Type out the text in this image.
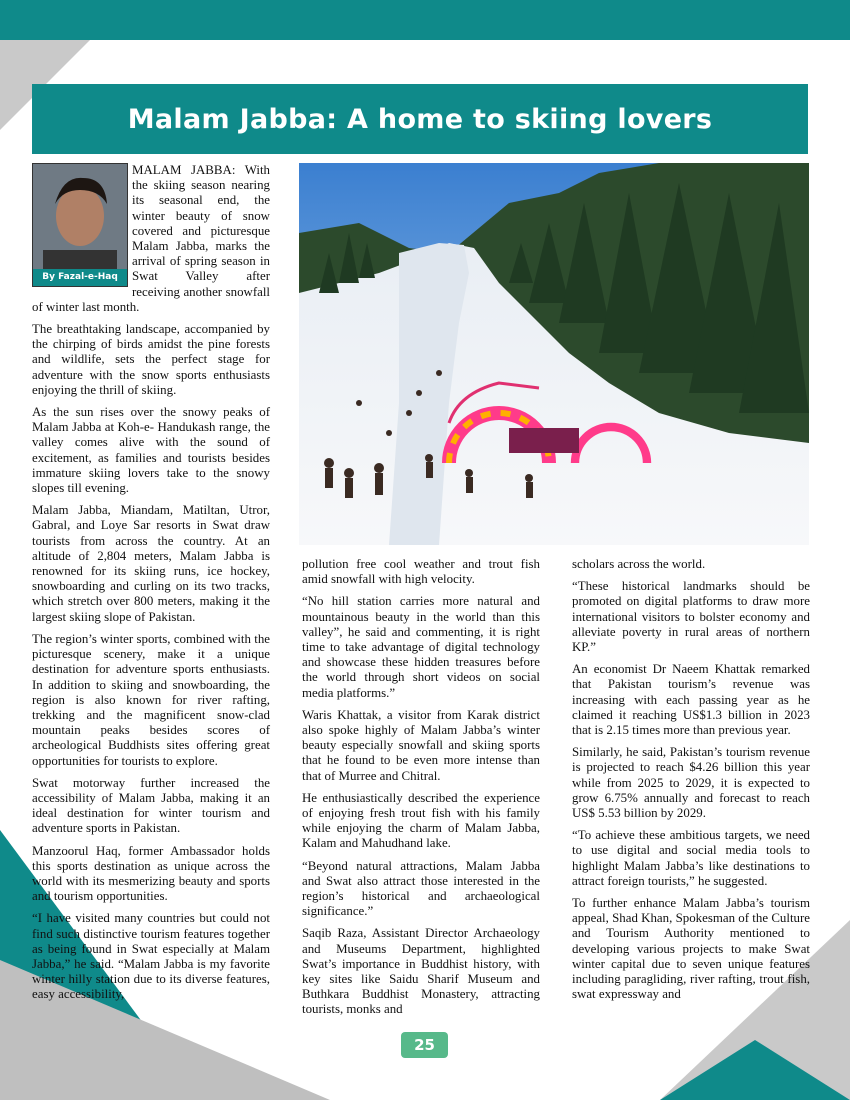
Malam Jabba: A home to skiing lovers
By Fazal-e-Haq

MALAM JABBA: With the skiing season nearing its seasonal end, the winter beauty of snow covered and picturesque Malam Jabba, marks the arrival of spring season in Swat Valley after receiving another snowfall of winter last month.

The breathtaking landscape, accompanied by the chirping of birds amidst the pine forests and wildlife, sets the perfect stage for adventure with the snow sports enthusiasts enjoying the thrill of skiing.

As the sun rises over the snowy peaks of Malam Jabba at Koh-e- Handukash range, the valley comes alive with the sound of excitement, as families and tourists besides immature skiing lovers take to the snowy slopes till evening.

Malam Jabba, Miandam, Matiltan, Utror, Gabral, and Loye Sar resorts in Swat draw tourists from across the country. At an altitude of 2,804 meters, Malam Jabba is renowned for its skiing runs, ice hockey, snowboarding and curling on its two tracks, which stretch over 800 meters, making it the largest skiing slope of Pakistan.

The region’s winter sports, combined with the picturesque scenery, make it a unique destination for adventure sports enthusiasts. In addition to skiing and snowboarding, the region is also known for river rafting, trekking and the magnificent snow-clad mountain peaks besides scores of archeological Buddhists sites offering great opportunities for tourists to explore.

Swat motorway further increased the accessibility of Malam Jabba, making it an ideal destination for winter tourism and adventure sports in Pakistan.

Manzoorul Haq, former Ambassador holds this sports destination as unique across the world with its mesmerizing beauty and sports and tourism opportunities.

“I have visited many countries but could not find such distinctive tourism features together as being found in Swat especially at Malam Jabba,” he said. “Malam Jabba is my favorite winter hilly station due to its diverse features, easy accessibility,

pollution free cool weather and trout fish amid snowfall with high velocity.

“No hill station carries more natural and mountainous beauty in the world than this valley”, he said and commenting, it is right time to take advantage of digital technology and showcase these hidden treasures before the world through short videos on social media platforms.”

Waris Khattak, a visitor from Karak district also spoke highly of Malam Jabba’s winter beauty especially snowfall and skiing sports that he found to be even more intense than that of Murree and Chitral.

He enthusiastically described the experience of enjoying fresh trout fish with his family while enjoying the charm of Malam Jabba, Kalam and Mahudhand lake.

“Beyond natural attractions, Malam Jabba and Swat also attract those interested in the region’s historical and archaeological significance.”

Saqib Raza, Assistant Director Archaeology and Museums Department, highlighted Swat’s importance in Buddhist history, with key sites like Saidu Sharif Museum and Buthkara Buddhist Monastery, attracting tourists, monks and

scholars across the world.

“These historical landmarks should be promoted on digital platforms to draw more international visitors to bolster economy and alleviate poverty in rural areas of northern KP.”

An economist Dr Naeem Khattak remarked that Pakistan tourism’s revenue was increasing with each passing year as he claimed it reaching US$1.3 billion in 2023 that is 2.15 times more than previous year.

Similarly, he said, Pakistan’s tourism revenue is projected to reach $4.26 billion this year while from 2025 to 2029, it is expected to grow 6.75% annually and forecast to reach US$ 5.53 billion by 2029.

“To achieve these ambitious targets, we need to use digital and social media tools to highlight Malam Jabba’s like destinations to attract foreign tourists,” he suggested.

To further enhance Malam Jabba’s tourism appeal, Shad Khan, Spokesman of the Culture and Tourism Authority mentioned to developing various projects to make Swat winter capital due to seven unique features including paragliding, river rafting, trout fish, swat expressway and

25
